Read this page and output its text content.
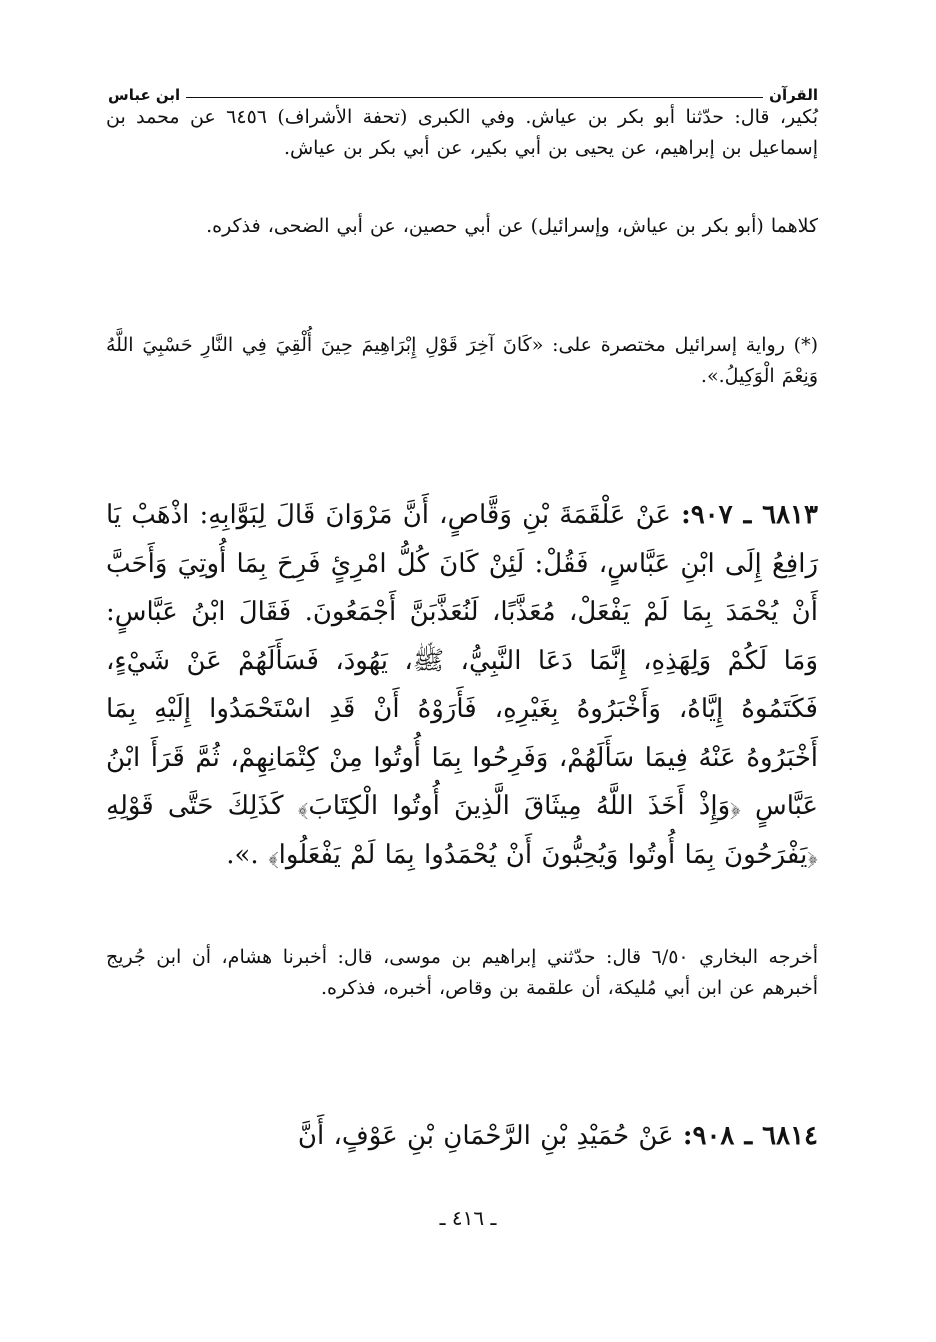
القرآن
ابن عباس

بُكير، قال: حدّثنا أبو بكر بن عياش. وفي الكبرى (تحفة الأشراف) ٦٤٥٦ عن محمد بن إسماعيل بن إبراهيم، عن يحيى بن أبي بكير، عن أبي بكر بن عياش.

كلاهما (أبو بكر بن عياش، وإسرائيل) عن أبي حصين، عن أبي الضحى، فذكره.

(*) رواية إسرائيل مختصرة على: «كَانَ آخِرَ قَوْلِ إِبْرَاهِيمَ حِينَ أُلْقِيَ فِي النَّارِ حَسْبِيَ اللَّهُ وَنِعْمَ الْوَكِيلُ.».

٦٨١٣ ـ ٩٠٧: عَنْ عَلْقَمَةَ بْنِ وَقَّاصٍ، أَنَّ مَرْوَانَ قَالَ لِبَوَّابِهِ: اذْهَبْ يَا رَافِعُ إِلَى ابْنِ عَبَّاسٍ، فَقُلْ: لَئِنْ كَانَ كُلُّ امْرِئٍ فَرِحَ بِمَا أُوتِيَ وَأَحَبَّ أَنْ يُحْمَدَ بِمَا لَمْ يَفْعَلْ، مُعَذَّبًا، لَنُعَذَّبَنَّ أَجْمَعُونَ. فَقَالَ ابْنُ عَبَّاسٍ: وَمَا لَكُمْ وَلِهَذِهِ، إِنَّمَا دَعَا النَّبِيُّ، ﷺ، يَهُودَ، فَسَأَلَهُمْ عَنْ شَيْءٍ، فَكَتَمُوهُ إِيَّاهُ، وَأَخْبَرُوهُ بِغَيْرِهِ، فَأَرَوْهُ أَنْ قَدِ اسْتَحْمَدُوا إِلَيْهِ بِمَا أَخْبَرُوهُ عَنْهُ فِيمَا سَأَلَهُمْ، وَفَرِحُوا بِمَا أُوتُوا مِنْ كِتْمَانِهِمْ، ثُمَّ قَرَأَ ابْنُ عَبَّاسٍ ﴿وَإِذْ أَخَذَ اللَّهُ مِيثَاقَ الَّذِينَ أُوتُوا الْكِتَابَ﴾ كَذَلِكَ حَتَّى قَوْلِهِ ﴿يَفْرَحُونَ بِمَا أُوتُوا وَيُحِبُّونَ أَنْ يُحْمَدُوا بِمَا لَمْ يَفْعَلُوا﴾ .».

أخرجه البخاري ٦/٥٠ قال: حدّثني إبراهيم بن موسى، قال: أخبرنا هشام، أن ابن جُريج أخبرهم عن ابن أبي مُليكة، أن علقمة بن وقاص، أخبره، فذكره.

٦٨١٤ ـ ٩٠٨: عَنْ حُمَيْدِ بْنِ الرَّحْمَانِ بْنِ عَوْفٍ، أَنَّ

ـ ٤١٦ ـ
